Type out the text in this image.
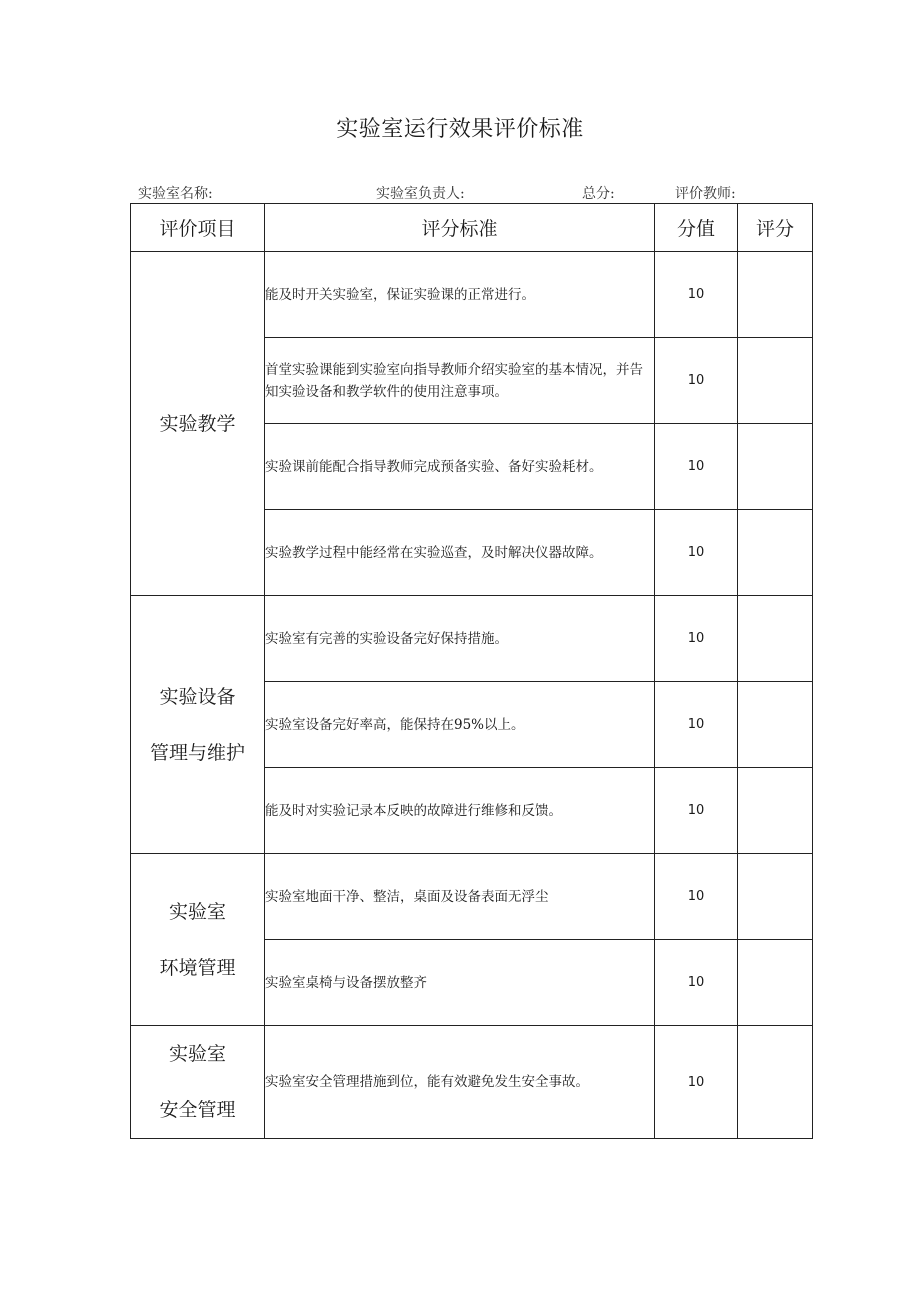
实验室运行效果评价标准
实验室名称:	实验室负责人:	总分:	评价教师:
评价项目	评分标准	分值	评分

实验教学	能及时开关实验室，保证实验课的正常进行。	10	
	首堂实验课能到实验室向指导教师介绍实验室的基本情况，并告知实验设备和教学软件的使用注意事项。	10	
	实验课前能配合指导教师完成预备实验、备好实验耗材。	10	
	实验教学过程中能经常在实验巡查，及时解决仪器故障。	10	

实验设备
管理与维护	实验室有完善的实验设备完好保持措施。	10	
	实验室设备完好率高，能保持在95%以上。	10	
	能及时对实验记录本反映的故障进行维修和反馈。	10	

实验室
环境管理	实验室地面干净、整洁，桌面及设备表面无浮尘	10	
	实验室桌椅与设备摆放整齐	10	

实验室
安全管理	实验室安全管理措施到位，能有效避免发生安全事故。	10	
